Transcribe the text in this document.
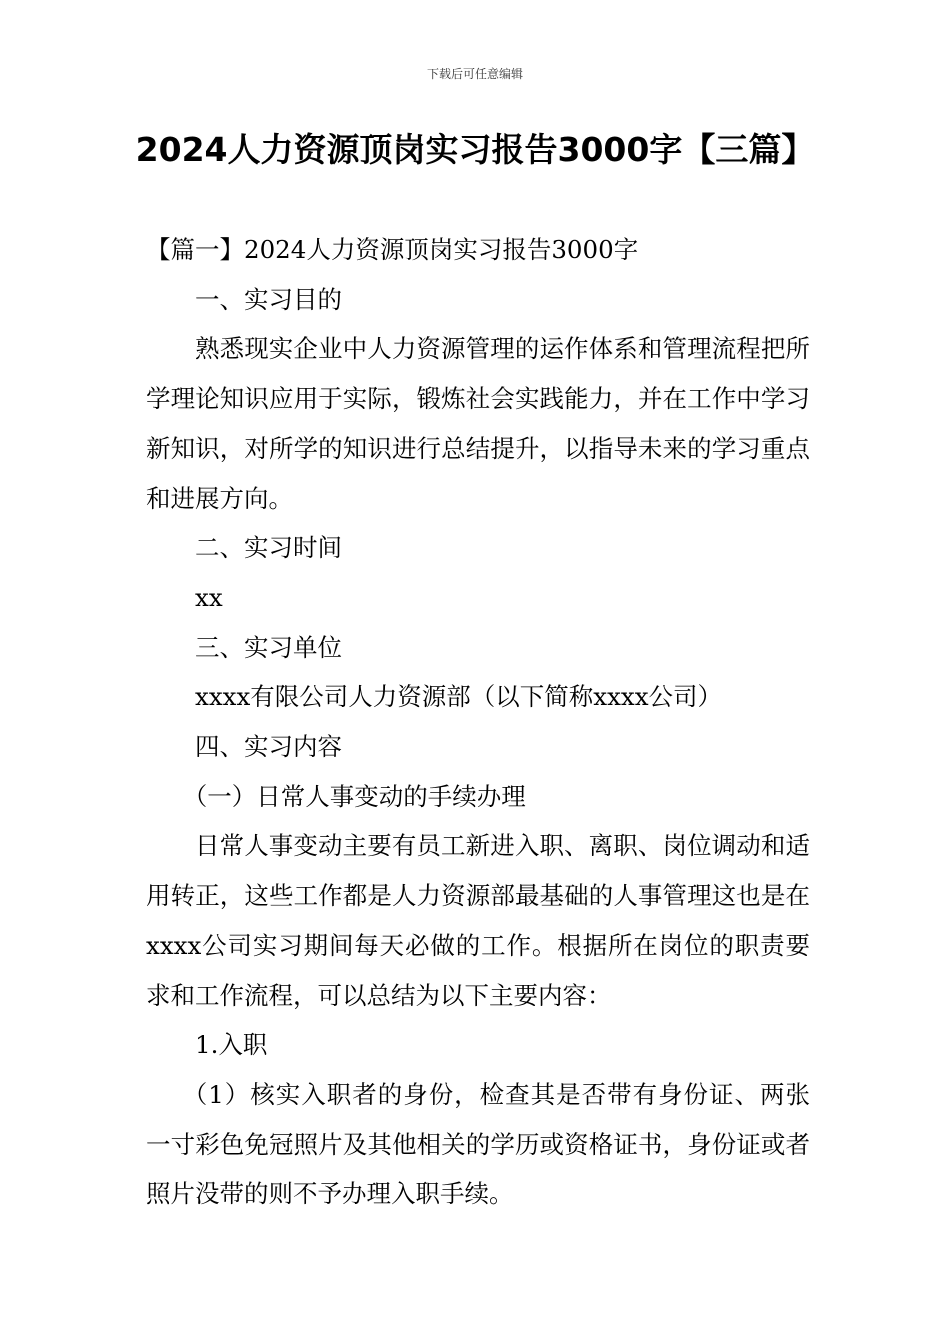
下载后可任意编辑
2024人力资源顶岗实习报告3000字【三篇】

【篇一】2024人力资源顶岗实习报告3000字

一、实习目的

熟悉现实企业中人力资源管理的运作体系和管理流程把所学理论知识应用于实际，锻炼社会实践能力，并在工作中学习新知识，对所学的知识进行总结提升，以指导未来的学习重点和进展方向。

二、实习时间

xx

三、实习单位

xxxx有限公司人力资源部（以下简称xxxx公司）

四、实习内容

（一）日常人事变动的手续办理

日常人事变动主要有员工新进入职、离职、岗位调动和适用转正，这些工作都是人力资源部最基础的人事管理这也是在xxxx公司实习期间每天必做的工作。根据所在岗位的职责要求和工作流程，可以总结为以下主要内容：

1.入职

（1）核实入职者的身份，检查其是否带有身份证、两张一寸彩色免冠照片及其他相关的学历或资格证书，身份证或者照片没带的则不予办理入职手续。
